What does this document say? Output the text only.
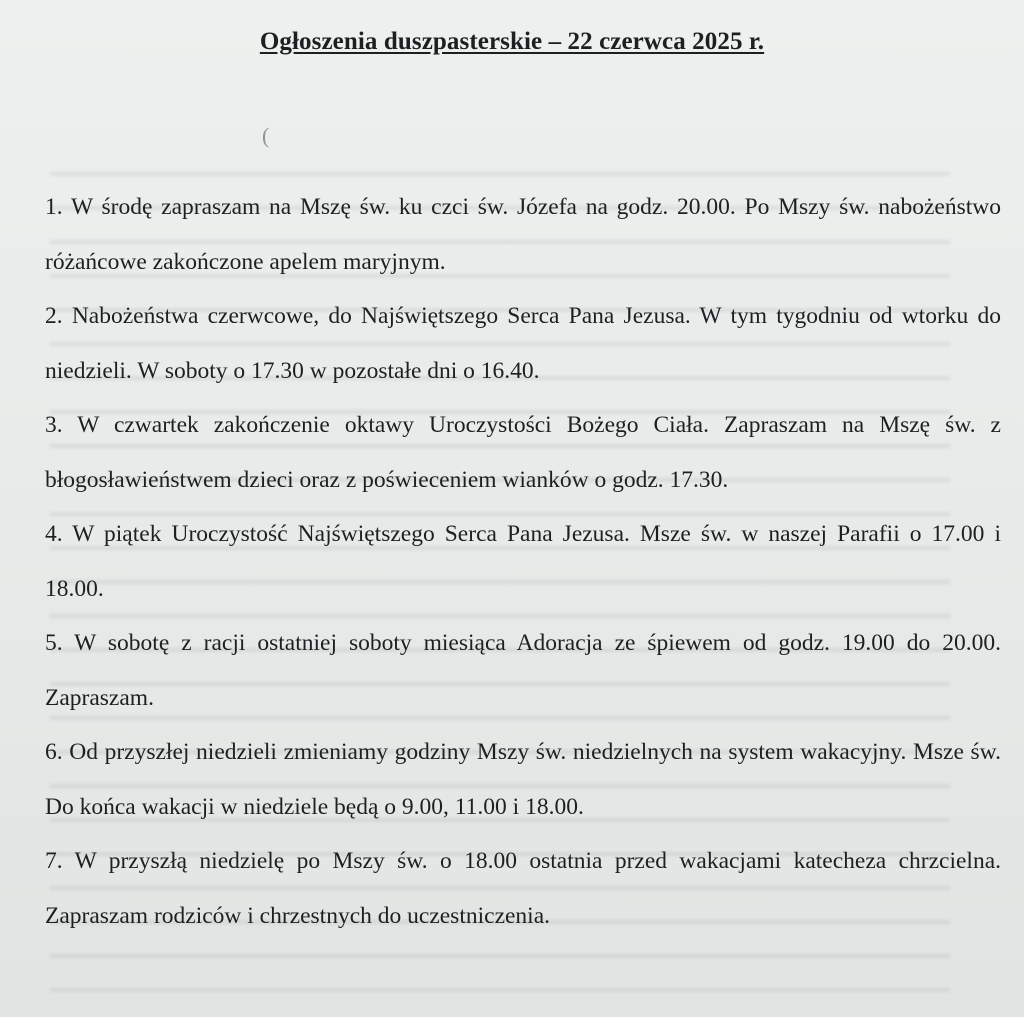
Ogłoszenia duszpasterskie – 22 czerwca 2025 r.
(
1. W środę zapraszam na Mszę św. ku czci św. Józefa na godz. 20.00. Po Mszy św. nabożeństwo różańcowe zakończone apelem maryjnym.
2. Nabożeństwa czerwcowe, do Najświętszego Serca Pana Jezusa. W tym tygodniu od wtorku do niedzieli. W soboty o 17.30 w pozostałe dni o 16.40.
3. W czwartek zakończenie oktawy Uroczystości Bożego Ciała. Zapraszam na Mszę św. z błogosławieństwem dzieci oraz z poświeceniem wianków o godz. 17.30.
4. W piątek Uroczystość Najświętszego Serca Pana Jezusa. Msze św. w naszej Parafii o 17.00 i 18.00.
5. W sobotę z racji ostatniej soboty miesiąca Adoracja ze śpiewem od godz. 19.00 do 20.00. Zapraszam.
6. Od przyszłej niedzieli zmieniamy godziny Mszy św. niedzielnych na system wakacyjny. Msze św. Do końca wakacji w niedziele będą o 9.00, 11.00 i 18.00.
7. W przyszłą niedzielę po Mszy św. o 18.00 ostatnia przed wakacjami katecheza chrzcielna. Zapraszam rodziców i chrzestnych do uczestniczenia.
